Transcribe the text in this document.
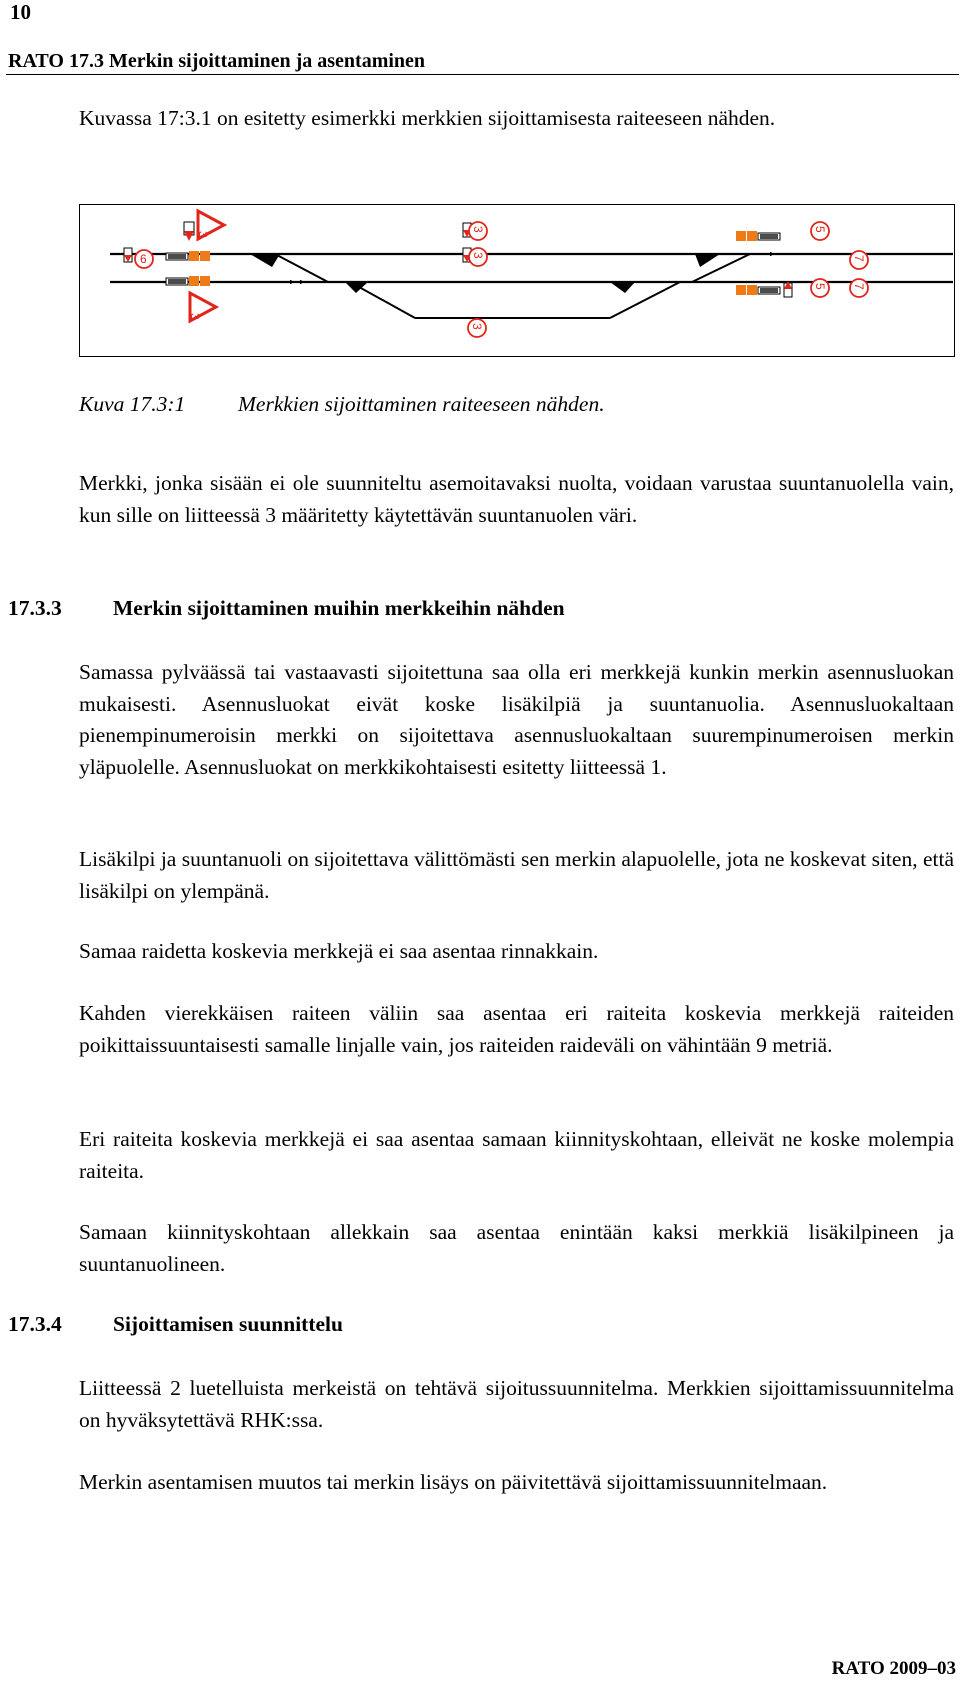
10
RATO 17.3 Merkin sijoittaminen ja asentaminen
Kuvassa 17:3.1 on esitetty esimerkki merkkien sijoittamisesta raiteeseen nähden.
3
6
3
3
3
3
5
5
7
7
Kuva 17.3:1 Merkkien sijoittaminen raiteeseen nähden.
Merkki, jonka sisään ei ole suunniteltu asemoitavaksi nuolta, voidaan varustaa suuntanuolella vain, kun sille on liitteessä 3 määritetty käytettävän suuntanuolen väri.
17.3.3 Merkin sijoittaminen muihin merkkeihin nähden
Samassa pylväässä tai vastaavasti sijoitettuna saa olla eri merkkejä kunkin merkin asennusluokan mukaisesti. Asennusluokat eivät koske lisäkilpiä ja suuntanuolia. Asennusluokaltaan pienempinumeroisin merkki on sijoitettava asennusluokaltaan suurempinumeroisen merkin yläpuolelle. Asennusluokat on merkkikohtaisesti esitetty liitteessä 1.
Lisäkilpi ja suuntanuoli on sijoitettava välittömästi sen merkin alapuolelle, jota ne koskevat siten, että lisäkilpi on ylempänä.
Samaa raidetta koskevia merkkejä ei saa asentaa rinnakkain.
Kahden vierekkäisen raiteen väliin saa asentaa eri raiteita koskevia merkkejä raiteiden poikittaissuuntaisesti samalle linjalle vain, jos raiteiden raideväli on vähintään 9 metriä.
Eri raiteita koskevia merkkejä ei saa asentaa samaan kiinnityskohtaan, elleivät ne koske molempia raiteita.
Samaan kiinnityskohtaan allekkain saa asentaa enintään kaksi merkkiä lisäkilpineen ja suuntanuolineen.
17.3.4 Sijoittamisen suunnittelu
Liitteessä 2 luetelluista merkeistä on tehtävä sijoitussuunnitelma. Merkkien sijoittamissuunnitelma on hyväksytettävä RHK:ssa.
Merkin asentamisen muutos tai merkin lisäys on päivitettävä sijoittamissuunnitelmaan.
RATO 2009–03
